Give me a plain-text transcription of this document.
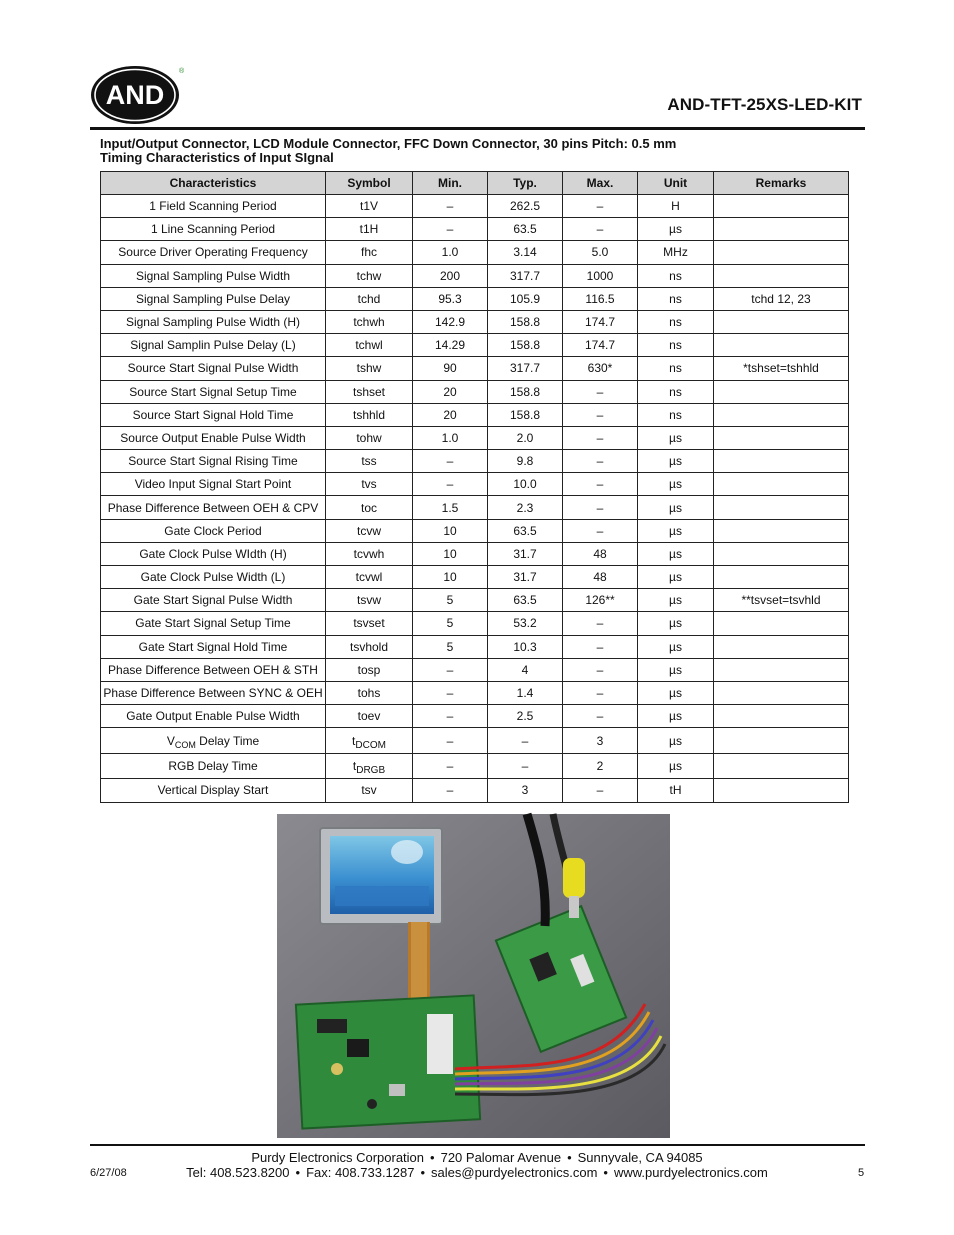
AND
®
AND-TFT-25XS-LED-KIT
Input/Output Connector, LCD Module Connector, FFC Down Connector, 30 pins Pitch: 0.5 mm
Timing Characteristics of Input SIgnal
Characteristics	Symbol	Min.	Typ.	Max.	Unit	Remarks
1 Field Scanning Period	t1V	–	262.5	–	H	
1 Line Scanning Period	t1H	–	63.5	–	µs	
Source Driver Operating Frequency	fhc	1.0	3.14	5.0	MHz	
Signal Sampling Pulse Width	tchw	200	317.7	1000	ns	
Signal Sampling Pulse Delay	tchd	95.3	105.9	116.5	ns	tchd 12, 23
Signal Sampling Pulse Width (H)	tchwh	142.9	158.8	174.7	ns	
Signal Samplin Pulse Delay (L)	tchwl	14.29	158.8	174.7	ns	
Source Start Signal Pulse Width	tshw	90	317.7	630*	ns	*tshset=tshhld
Source Start Signal Setup Time	tshset	20	158.8	–	ns	
Source Start Signal Hold Time	tshhld	20	158.8	–	ns	
Source Output Enable Pulse Width	tohw	1.0	2.0	–	µs	
Source Start Signal Rising Time	tss	–	9.8	–	µs	
Video Input Signal Start Point	tvs	–	10.0	–	µs	
Phase Difference Between OEH & CPV	toc	1.5	2.3	–	µs	
Gate Clock Period	tcvw	10	63.5	–	µs	
Gate Clock Pulse WIdth (H)	tcvwh	10	31.7	48	µs	
Gate Clock Pulse Width (L)	tcvwl	10	31.7	48	µs	
Gate Start Signal Pulse Width	tsvw	5	63.5	126**	µs	**tsvset=tsvhld
Gate Start Signal Setup Time	tsvset	5	53.2	–	µs	
Gate Start Signal Hold Time	tsvhold	5	10.3	–	µs	
Phase Difference Between OEH & STH	tosp	–	4	–	µs	
Phase Difference Between SYNC & OEH	tohs	–	1.4	–	µs	
Gate Output Enable Pulse Width	toev	–	2.5	–	µs	
$V_{COM}$ Delay Time	$t_{DCOM}$	–	–	3	µs	
RGB Delay Time	$t_{DRGB}$	–	–	2	µs	
Vertical Display Start	tsv	–	3	–	tH	
Purdy Electronics Corporation • 720 Palomar Avenue • Sunnyvale, CA 94085
Tel: 408.523.8200 • Fax: 408.733.1287 • sales@purdyelectronics.com • www.purdyelectronics.com
6/27/08	5
